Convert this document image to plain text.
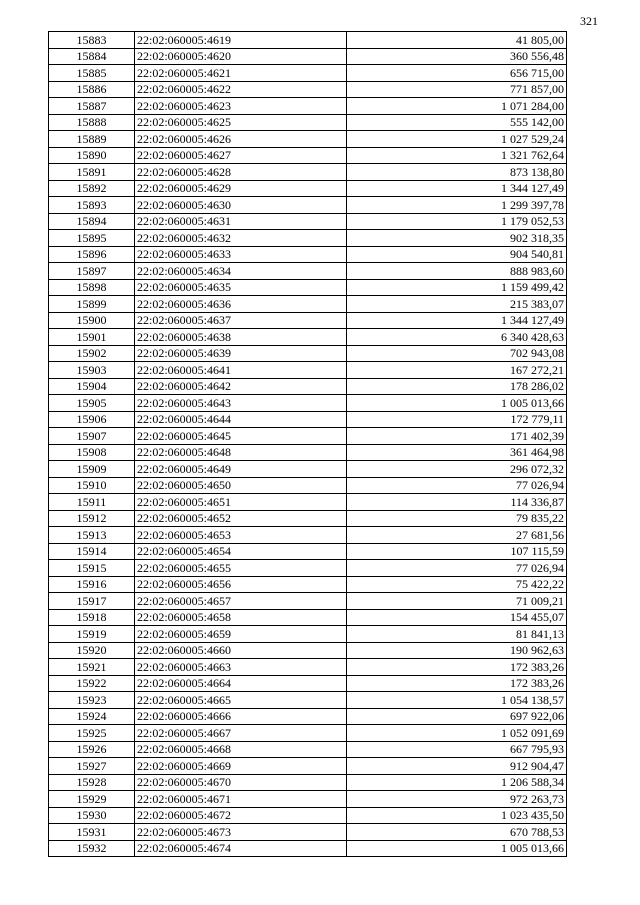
321
15883	22:02:060005:4619	41 805,00
15884	22:02:060005:4620	360 556,48
15885	22:02:060005:4621	656 715,00
15886	22:02:060005:4622	771 857,00
15887	22:02:060005:4623	1 071 284,00
15888	22:02:060005:4625	555 142,00
15889	22:02:060005:4626	1 027 529,24
15890	22:02:060005:4627	1 321 762,64
15891	22:02:060005:4628	873 138,80
15892	22:02:060005:4629	1 344 127,49
15893	22:02:060005:4630	1 299 397,78
15894	22:02:060005:4631	1 179 052,53
15895	22:02:060005:4632	902 318,35
15896	22:02:060005:4633	904 540,81
15897	22:02:060005:4634	888 983,60
15898	22:02:060005:4635	1 159 499,42
15899	22:02:060005:4636	215 383,07
15900	22:02:060005:4637	1 344 127,49
15901	22:02:060005:4638	6 340 428,63
15902	22:02:060005:4639	702 943,08
15903	22:02:060005:4641	167 272,21
15904	22:02:060005:4642	178 286,02
15905	22:02:060005:4643	1 005 013,66
15906	22:02:060005:4644	172 779,11
15907	22:02:060005:4645	171 402,39
15908	22:02:060005:4648	361 464,98
15909	22:02:060005:4649	296 072,32
15910	22:02:060005:4650	77 026,94
15911	22:02:060005:4651	114 336,87
15912	22:02:060005:4652	79 835,22
15913	22:02:060005:4653	27 681,56
15914	22:02:060005:4654	107 115,59
15915	22:02:060005:4655	77 026,94
15916	22:02:060005:4656	75 422,22
15917	22:02:060005:4657	71 009,21
15918	22:02:060005:4658	154 455,07
15919	22:02:060005:4659	81 841,13
15920	22:02:060005:4660	190 962,63
15921	22:02:060005:4663	172 383,26
15922	22:02:060005:4664	172 383,26
15923	22:02:060005:4665	1 054 138,57
15924	22:02:060005:4666	697 922,06
15925	22:02:060005:4667	1 052 091,69
15926	22:02:060005:4668	667 795,93
15927	22:02:060005:4669	912 904,47
15928	22:02:060005:4670	1 206 588,34
15929	22:02:060005:4671	972 263,73
15930	22:02:060005:4672	1 023 435,50
15931	22:02:060005:4673	670 788,53
15932	22:02:060005:4674	1 005 013,66
